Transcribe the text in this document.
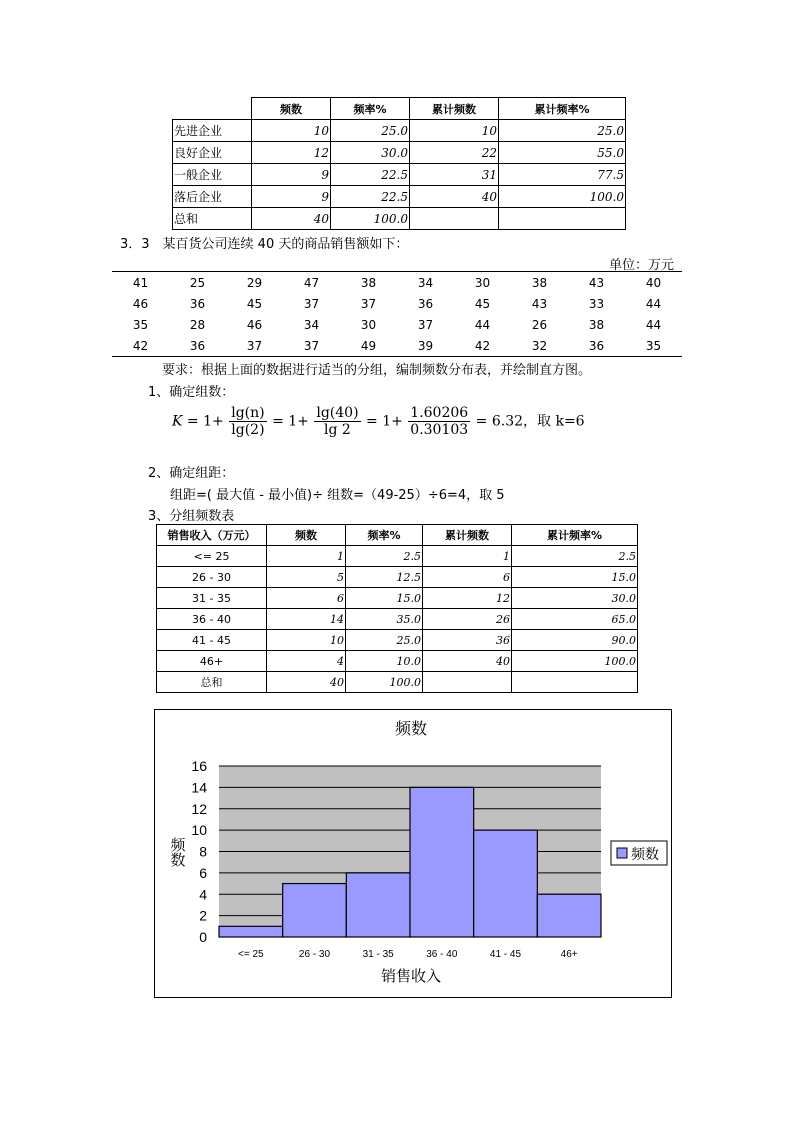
	频数	频率%	累计频数	累计频率%
先进企业	10	25.0	10	25.0
良好企业	12	30.0	22	55.0
一般企业	9	22.5	31	77.5
落后企业	9	22.5	40	100.0
总和	40	100.0		
3．3　某百货公司连续 40 天的商品销售额如下：
单位：万元
41	25	29	47	38	34	30	38	43	40
46	36	45	37	37	36	45	43	33	44
35	28	46	34	30	37	44	26	38	44
42	36	37	37	49	39	42	32	36	35
要求：根据上面的数据进行适当的分组，编制频数分布表，并绘制直方图。
1、确定组数：
$K = 1+ \frac{\lg(n)}{\lg(2)} = 1+ \frac{\lg(40)}{\lg 2} = 1+ \frac{1.60206}{0.30103} = 6.32$，取 k=6
2、确定组距：
组距=( 最大值 - 最小值)÷ 组数=（49-25）÷6=4，取 5
3、分组频数表
销售收入（万元）	频数	频率%	累计频数	累计频率%
<= 25	1	2.5	1	2.5
26 - 30	5	12.5	6	15.0
31 - 35	6	15.0	12	30.0
36 - 40	14	35.0	26	65.0
41 - 45	10	25.0	36	90.0
46+	4	10.0	40	100.0
总和	40	100.0		
0
2
4
6
8
10
12
14
16
<= 25	26 - 30	31 - 35	36 - 40	41 - 45	46+
频数
销售收入
频数	频数
